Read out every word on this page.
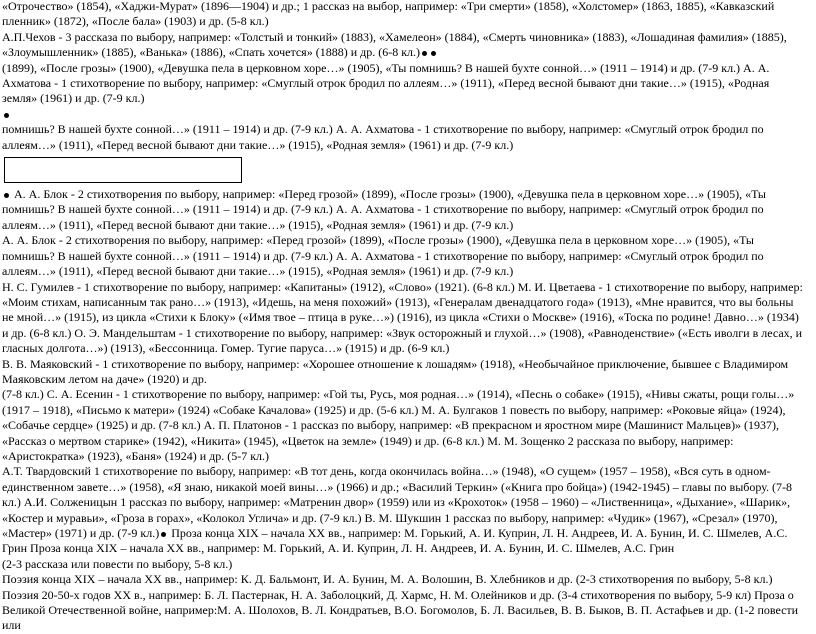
«Отрочество» (1854), «Хаджи-Мурат» (1896—1904) и др.; 1 рассказ на выбор, например: «Три смерти» (1858), «Холстомер» (1863, 1885), «Кавказский пленник» (1872), «После бала» (1903) и др. (5-8 кл.)

А.П.Чехов - 3 рассказа по выбору, например: «Толстый и тонкий» (1883), «Хамелеон» (1884), «Смерть чиновника» (1883), «Лошадиная фамилия» (1885), «Злоумышленник» (1885), «Ванька» (1886), «Спать хочется» (1888) и др. (6-8 кл.)

(1899), «После грозы» (1900), «Девушка пела в церковном хоре…» (1905), «Ты помнишь? В нашей бухте сонной…» (1911 – 1914) и др. (7-9 кл.) А. А. Ахматова - 1 стихотворение по выбору, например: «Смуглый отрок бродил по аллеям…» (1911), «Перед весной бывают дни такие…» (1915), «Родная земля» (1961) и др. (7-9 кл.)

помнишь? В нашей бухте сонной…» (1911 – 1914) и др. (7-9 кл.) А. А. Ахматова - 1 стихотворение по выбору, например: «Смуглый отрок бродил по аллеям…» (1911), «Перед весной бывают дни такие…» (1915), «Родная земля» (1961) и др. (7-9 кл.)

А. А. Блок - 2 стихотворения по выбору, например: «Перед грозой» (1899), «После грозы» (1900), «Девушка пела в церковном хоре…» (1905), «Ты помнишь? В нашей бухте сонной…» (1911 – 1914) и др. (7-9 кл.) А. А. Ахматова - 1 стихотворение по выбору, например: «Смуглый отрок бродил по аллеям…» (1911), «Перед весной бывают дни такие…» (1915), «Родная земля» (1961) и др. (7-9 кл.)

А. А. Блок - 2 стихотворения по выбору, например: «Перед грозой» (1899), «После грозы» (1900), «Девушка пела в церковном хоре…» (1905), «Ты помнишь? В нашей бухте сонной…» (1911 – 1914) и др. (7-9 кл.) А. А. Ахматова - 1 стихотворение по выбору, например: «Смуглый отрок бродил по аллеям…» (1911), «Перед весной бывают дни такие…» (1915), «Родная земля» (1961) и др. (7-9 кл.)

Н. С. Гумилев - 1 стихотворение по выбору, например: «Капитаны» (1912), «Слово» (1921). (6-8 кл.) М. И. Цветаева - 1 стихотворение по выбору, например: «Моим стихам, написанным так рано…» (1913), «Идешь, на меня похожий» (1913), «Генералам двенадцатого года» (1913), «Мне нравится, что вы больны не мной…» (1915), из цикла «Стихи к Блоку» («Имя твое – птица в руке…») (1916), из цикла «Стихи о Москве» (1916), «Тоска по родине! Давно…» (1934) и др. (6-8 кл.) О. Э. Мандельштам - 1 стихотворение по выбору, например: «Звук осторожный и глухой…» (1908), «Равноденствие» («Есть иволги в лесах, и гласных долгота…») (1913), «Бессонница. Гомер. Тугие паруса…» (1915) и др. (6-9 кл.)

В. В. Маяковский - 1 стихотворение по выбору, например: «Хорошее отношение к лошадям» (1918), «Необычайное приключение, бывшее с Владимиром Маяковским летом на даче» (1920) и др.

(7-8 кл.) С. А. Есенин - 1 стихотворение по выбору, например: «Гой ты, Русь, моя родная…» (1914), «Песнь о собаке» (1915), «Нивы сжаты, рощи голы…» (1917 – 1918), «Письмо к матери» (1924) «Собаке Качалова» (1925) и др. (5-6 кл.) М. А. Булгаков 1 повесть по выбору, например: «Роковые яйца» (1924), «Собачье сердце» (1925) и др. (7-8 кл.) А. П. Платонов - 1 рассказ по выбору, например: «В прекрасном и яростном мире (Машинист Мальцев)» (1937), «Рассказ о мертвом старике» (1942), «Никита» (1945), «Цветок на земле» (1949) и др. (6-8 кл.) М. М. Зощенко 2 рассказа по выбору, например: «Аристократка» (1923), «Баня» (1924) и др. (5-7 кл.)

А.Т. Твардовский 1 стихотворение по выбору, например: «В тот день, когда окончилась война…» (1948), «О сущем» (1957 – 1958), «Вся суть в одном-единственном завете…» (1958), «Я знаю, никакой моей вины…» (1966) и др.; «Василий Теркин» («Книга про бойца») (1942-1945) – главы по выбору. (7-8 кл.) А.И. Солженицын 1 рассказ по выбору, например: «Матренин двор» (1959) или из «Крохоток» (1958 – 1960) – «Лиственница», «Дыхание», «Шарик», «Костер и муравьи», «Гроза в горах», «Колокол Углича» и др. (7-9 кл.) В. М. Шукшин 1 рассказ по выбору, например: «Чудик» (1967), «Срезал» (1970), «Мастер» (1971) и др. (7-9 кл.) Проза конца XIX – начала XX вв., например: М. Горький, А. И. Куприн, Л. Н. Андреев, И. А. Бунин, И. С. Шмелев, А.С. Грин Проза конца XIX – начала XX вв., например: М. Горький, А. И. Куприн, Л. Н. Андреев, И. А. Бунин, И. С. Шмелев, А.С. Грин

(2-3 рассказа или повести по выбору, 5-8 кл.)

Поэзия конца XIX – начала XX вв., например: К. Д. Бальмонт, И. А. Бунин, М. А. Волошин, В. Хлебников и др. (2-3 стихотворения по выбору, 5-8 кл.) Поэзия 20-50-х годов XX в., например: Б. Л. Пастернак, Н. А. Заболоцкий, Д. Хармс, Н. М. Олейников и др. (3-4 стихотворения по выбору, 5-9 кл) Проза о Великой Отечественной войне, например:М. А. Шолохов, В. Л. Кондратьев, В.О. Богомолов, Б. Л. Васильев, В. В. Быков, В. П. Астафьев и др. (1-2 повести или
